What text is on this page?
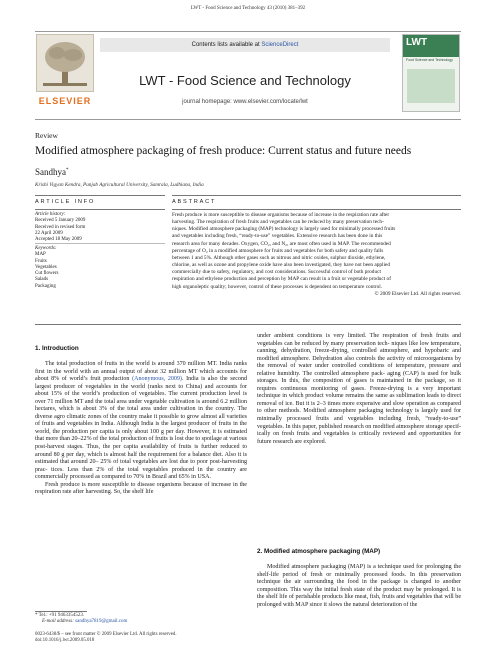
LWT - Food Science and Technology 43 (2010) 381–392
ELSEVIER
Contents lists available at ScienceDirect
LWT - Food Science and Technology
journal homepage: www.elsevier.com/locate/lwt
LWT
Food Science and Technology
Review
Modified atmosphere packaging of fresh produce: Current status and future needs
Sandhya*
Krishi Vigyan Kendra, Punjab Agricultural University, Samrala, Ludhiana, India
ARTICLE INFO	ABSTRACT
Article history:
Received 5 January 2009
Received in revised form
22 April 2009
Accepted 18 May 2009
Keywords:
MAP
Fruits
Vegetables
Cut flowers
Salads
Packaging
Fresh produce is more susceptible to disease organisms because of increase in the respiration rate after
harvesting. The respiration of fresh fruits and vegetables can be reduced by many preservation tech-
niques. Modified atmosphere packaging (MAP) technology is largely used for minimally processed fruits
and vegetables including fresh, “ready-to-use” vegetables. Extensive research has been done in this
research area for many decades. Oxygen, CO₂, and N₂, are most often used in MAP. The recommended
percentage of O₂ in a modified atmosphere for fruits and vegetables for both safety and quality falls
between 1 and 5%. Although other gases such as nitrous and nitric oxides, sulphur dioxide, ethylene,
chlorine, as well as ozone and propylene oxide have also been investigated, they have not been applied
commercially due to safety, regulatory, and cost considerations. Successful control of both product
respiration and ethylene production and perception by MAP can result in a fruit or vegetable product of
high organoleptic quality; however, control of these processes is dependent on temperature control.
© 2009 Elsevier Ltd. All rights reserved.
1. Introduction

The total production of fruits in the world is around 370 million MT. India ranks first in the world with an annual output of about 32 million MT which accounts for about 8% of world’s fruit production (Anonymous, 2009). India is also the second largest producer of vegetables in the world (ranks next to China) and accounts for about 15% of the world’s production of vegetables. The current production level is over 71 million MT and the total area under vegetable cultivation is around 6.2 million hectares, which is about 3% of the total area under cultivation in the country. The diverse agro climatic zones of the country make it possible to grow almost all varieties of fruits and vegetables in India. Although India is the largest producer of fruits in the world, the production per capita is only about 100 g per day. However, it is estimated that more than 20–22% of the total production of fruits is lost due to spoilage at various post-harvest stages. Thus, the per capita availability of fruits is further reduced to around 80 g per day, which is almost half the requirement for a balance diet. Also it is estimated that around 20– 25% of total vegetables are lost due to poor post-harvesting prac- tices. Less than 2% of the total vegetables produced in the country are commercially processed as compared to 70% in Brazil and 65% in USA.

Fresh produce is more susceptible to disease organisms because of increase in the respiration rate after harvesting. So, the shelf life

* Tel.: +91 9463354523.
E-mail address: sandhya7819@gmail.com
0023-6438/$ – see front matter © 2009 Elsevier Ltd. All rights reserved.
doi:10.1016/j.lwt.2009.05.018

under ambient conditions is very limited. The respiration of fresh fruits and vegetables can be reduced by many preservation tech- niques like low temperature, canning, dehydration, freeze-drying, controlled atmosphere, and hypobaric and modified atmosphere. Dehydration also controls the activity of microorganisms by the removal of water under controlled conditions of temperature, pressure and relative humidity. The controlled atmosphere pack- aging (CAP) is used for bulk storages. In this, the composition of gases is maintained in the package, so it requires continuous monitoring of gases. Freeze-drying is a very important technique in which product volume remains the same as sublimation leads to direct removal of ice. But it is 2–3 times more expensive and slow operation as compared to other methods. Modified atmosphere packaging technology is largely used for minimally processed fruits and vegetables including fresh, “ready-to-use” vegetables. In this paper, published research on modified atmosphere storage specif- ically on fresh fruits and vegetables is critically reviewed and opportunities for future research are explored.

2. Modified atmosphere packaging (MAP)

Modified atmosphere packaging (MAP) is a technique used for prolonging the shelf-life period of fresh or minimally processed foods. In this preservation technique the air surrounding the food in the package is changed to another composition. This way the initial fresh state of the product may be prolonged. It is the shelf life of perishable products like meat, fish, fruits and vegetables that will be prolonged with MAP since it slows the natural deterioration of the
